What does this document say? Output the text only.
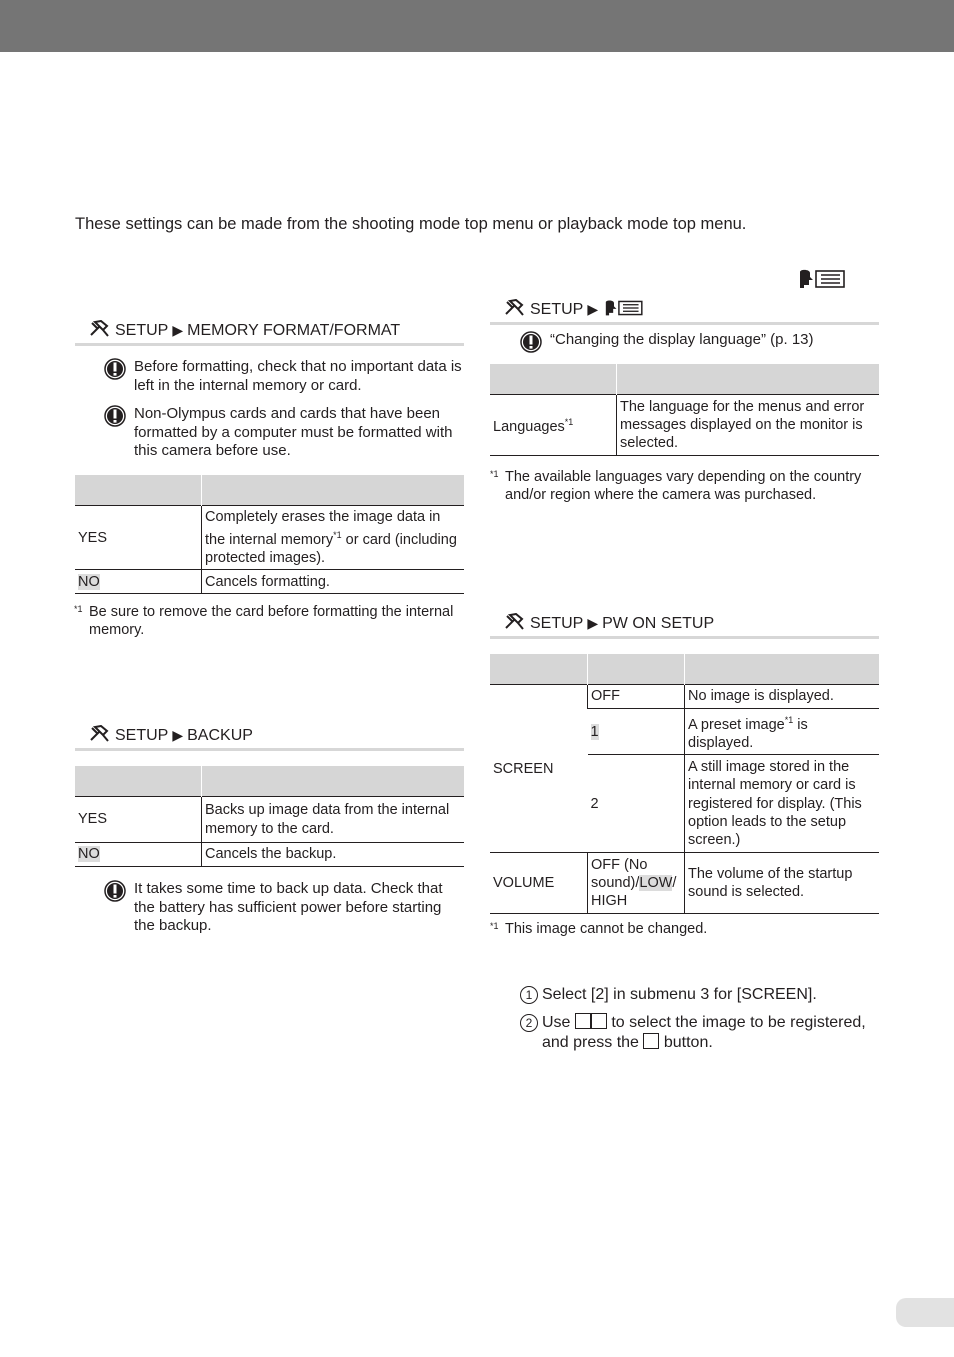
These settings can be made from the shooting mode top menu or playback mode top menu.
SETUP ▶ MEMORY FORMAT/FORMAT
Before formatting, check that no important data is left in the internal memory or card.
Non-Olympus cards and cards that have been formatted by a computer must be formatted with this camera before use.

YES	Completely erases the image data in the internal memory$^{*1}$ or card (including protected images).
NO	Cancels formatting.
*1 Be sure to remove the card before formatting the internal memory.
SETUP ▶ BACKUP

YES	Backs up image data from the internal memory to the card.
NO	Cancels the backup.
It takes some time to back up data. Check that the battery has sufficient power before starting the backup.
SETUP ▶
“Changing the display language” (p. 13)

Languages$^{*1}$	The language for the menus and error messages displayed on the monitor is selected.
*1 The available languages vary depending on the country and/or region where the camera was purchased.
SETUP ▶ PW ON SETUP

SCREEN	OFF	No image is displayed.
	1	A preset image$^{*1}$ is displayed.
	2	A still image stored in the internal memory or card is registered for display. (This option leads to the setup screen.)
VOLUME	OFF (No sound)/LOW/ HIGH	The volume of the startup sound is selected.
*1 This image cannot be changed.
1 Select [2] in submenu 3 for [SCREEN].
2 Use	to select the image to be registered, and press the button.
